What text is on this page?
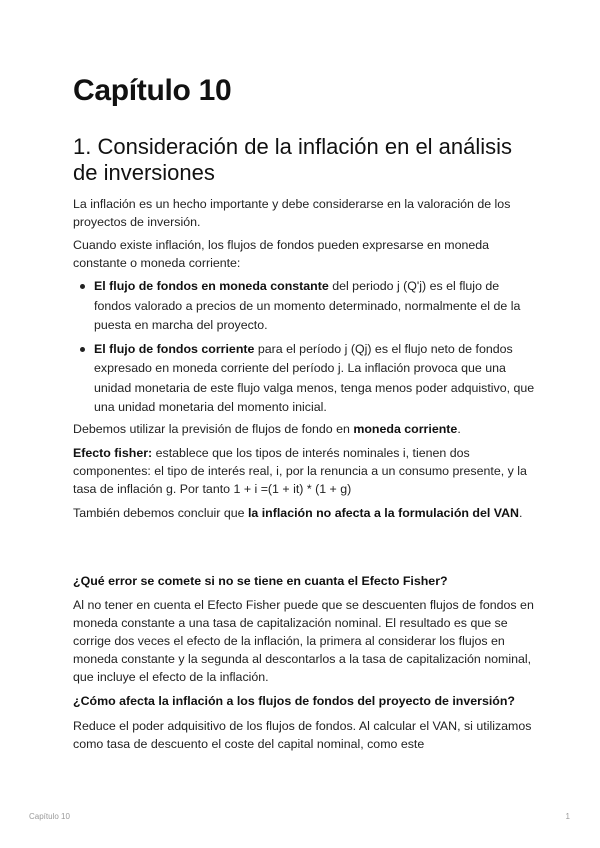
Capítulo 10
1. Consideración de la inflación en el análisis de inversiones

La inflación es un hecho importante y debe considerarse en la valoración de los proyectos de inversión.

Cuando existe inflación, los flujos de fondos pueden expresarse en moneda constante o moneda corriente:

El flujo de fondos en moneda constante del periodo j (Q'j) es el flujo de fondos valorado a precios de un momento determinado, normalmente el de la puesta en marcha del proyecto.
El flujo de fondos corriente para el período j (Qj) es el flujo neto de fondos expresado en moneda corriente del período j. La inflación provoca que una unidad monetaria de este flujo valga menos, tenga menos poder adquistivo, que una unidad monetaria del momento inicial.

Debemos utilizar la previsión de flujos de fondo en moneda corriente.

Efecto fisher: establece que los tipos de interés nominales i, tienen dos componentes: el tipo de interés real, i, por la renuncia a un consumo presente, y la tasa de inflación g. Por tanto 1 + i =(1 + it) * (1 + g)

También debemos concluir que la inflación no afecta a la formulación del VAN.

¿Qué error se comete si no se tiene en cuanta el Efecto Fisher?

Al no tener en cuenta el Efecto Fisher puede que se descuenten flujos de fondos en moneda constante a una tasa de capitalización nominal. El resultado es que se corrige dos veces el efecto de la inflación, la primera al considerar los flujos en moneda constante y la segunda al descontarlos a la tasa de capitalización nominal, que incluye el efecto de la inflación.

¿Cómo afecta la inflación a los flujos de fondos del proyecto de inversión?

Reduce el poder adquisitivo de los flujos de fondos. Al calcular el VAN, si utilizamos como tasa de descuento el coste del capital nominal, como este

Capítulo 10	1
